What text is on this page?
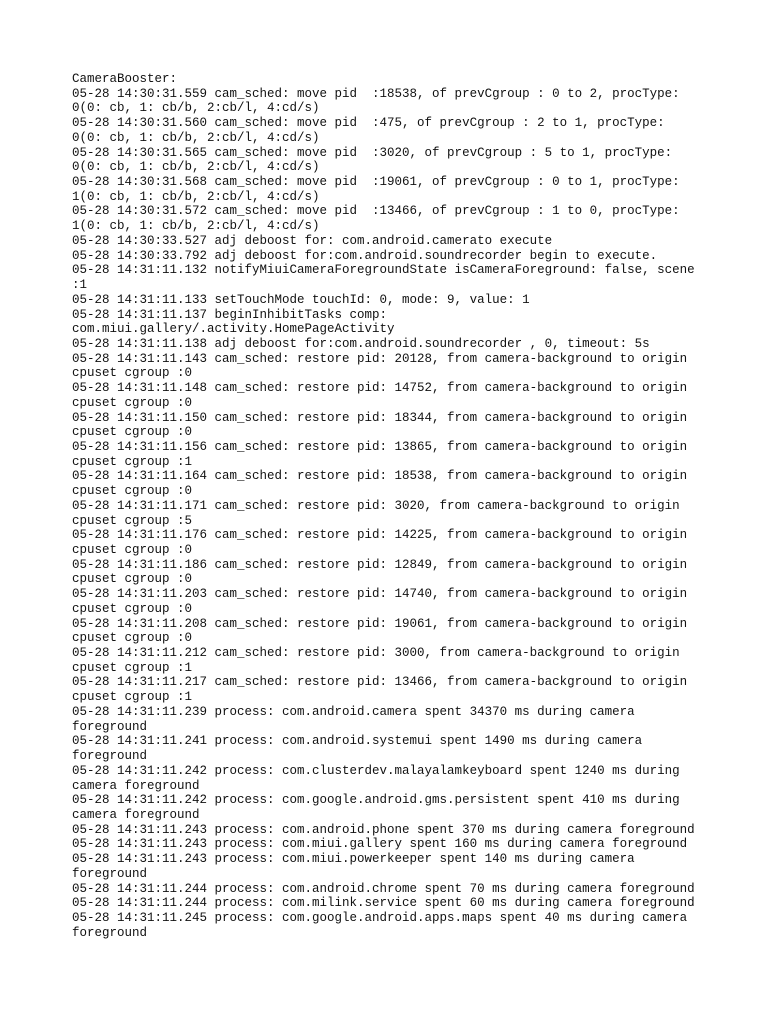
CameraBooster:
05-28 14:30:31.559 cam_sched: move pid  :18538, of prevCgroup : 0 to 2, procType:
0(0: cb, 1: cb/b, 2:cb/l, 4:cd/s)
05-28 14:30:31.560 cam_sched: move pid  :475, of prevCgroup : 2 to 1, procType:
0(0: cb, 1: cb/b, 2:cb/l, 4:cd/s)
05-28 14:30:31.565 cam_sched: move pid  :3020, of prevCgroup : 5 to 1, procType:
0(0: cb, 1: cb/b, 2:cb/l, 4:cd/s)
05-28 14:30:31.568 cam_sched: move pid  :19061, of prevCgroup : 0 to 1, procType:
1(0: cb, 1: cb/b, 2:cb/l, 4:cd/s)
05-28 14:30:31.572 cam_sched: move pid  :13466, of prevCgroup : 1 to 0, procType:
1(0: cb, 1: cb/b, 2:cb/l, 4:cd/s)
05-28 14:30:33.527 adj deboost for: com.android.camerato execute
05-28 14:30:33.792 adj deboost for:com.android.soundrecorder begin to execute.
05-28 14:31:11.132 notifyMiuiCameraForegroundState isCameraForeground: false, scene
:1
05-28 14:31:11.133 setTouchMode touchId: 0, mode: 9, value: 1
05-28 14:31:11.137 beginInhibitTasks comp:
com.miui.gallery/.activity.HomePageActivity
05-28 14:31:11.138 adj deboost for:com.android.soundrecorder , 0, timeout: 5s
05-28 14:31:11.143 cam_sched: restore pid: 20128, from camera-background to origin
cpuset cgroup :0
05-28 14:31:11.148 cam_sched: restore pid: 14752, from camera-background to origin
cpuset cgroup :0
05-28 14:31:11.150 cam_sched: restore pid: 18344, from camera-background to origin
cpuset cgroup :0
05-28 14:31:11.156 cam_sched: restore pid: 13865, from camera-background to origin
cpuset cgroup :1
05-28 14:31:11.164 cam_sched: restore pid: 18538, from camera-background to origin
cpuset cgroup :0
05-28 14:31:11.171 cam_sched: restore pid: 3020, from camera-background to origin
cpuset cgroup :5
05-28 14:31:11.176 cam_sched: restore pid: 14225, from camera-background to origin
cpuset cgroup :0
05-28 14:31:11.186 cam_sched: restore pid: 12849, from camera-background to origin
cpuset cgroup :0
05-28 14:31:11.203 cam_sched: restore pid: 14740, from camera-background to origin
cpuset cgroup :0
05-28 14:31:11.208 cam_sched: restore pid: 19061, from camera-background to origin
cpuset cgroup :0
05-28 14:31:11.212 cam_sched: restore pid: 3000, from camera-background to origin
cpuset cgroup :1
05-28 14:31:11.217 cam_sched: restore pid: 13466, from camera-background to origin
cpuset cgroup :1
05-28 14:31:11.239 process: com.android.camera spent 34370 ms during camera
foreground
05-28 14:31:11.241 process: com.android.systemui spent 1490 ms during camera
foreground
05-28 14:31:11.242 process: com.clusterdev.malayalamkeyboard spent 1240 ms during
camera foreground
05-28 14:31:11.242 process: com.google.android.gms.persistent spent 410 ms during
camera foreground
05-28 14:31:11.243 process: com.android.phone spent 370 ms during camera foreground
05-28 14:31:11.243 process: com.miui.gallery spent 160 ms during camera foreground
05-28 14:31:11.243 process: com.miui.powerkeeper spent 140 ms during camera
foreground
05-28 14:31:11.244 process: com.android.chrome spent 70 ms during camera foreground
05-28 14:31:11.244 process: com.milink.service spent 60 ms during camera foreground
05-28 14:31:11.245 process: com.google.android.apps.maps spent 40 ms during camera
foreground
